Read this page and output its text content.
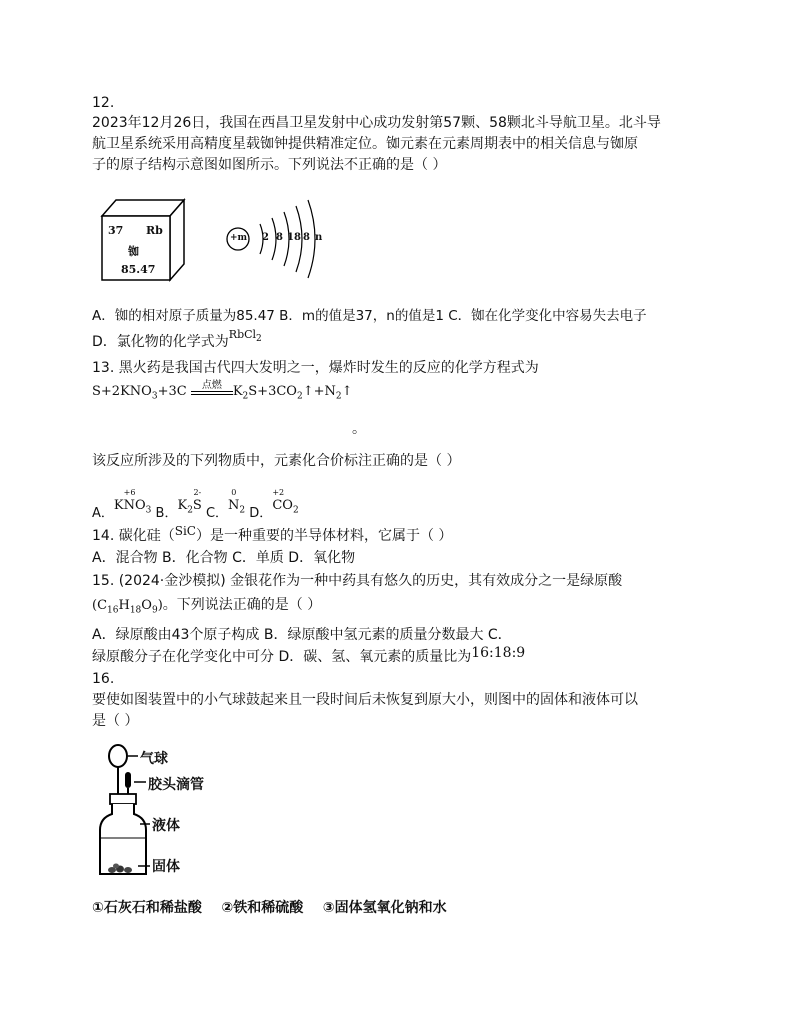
12.
2023年12月26日，我国在西昌卫星发射中心成功发射第57颗、58颗北斗导航卫星。北斗导
航卫星系统采用高精度星载铷钟提供精准定位。铷元素在元素周期表中的相关信息与铷原
子的原子结构示意图如图所示。下列说法不正确的是（ ）
37 Rb
铷
85.47
+m 2 8 18 8 n
A．铷的相对原子质量为85.47 B．m的值是37，n的值是1 C．铷在化学变化中容易失去电子
D．氯化物的化学式为$^{RbCl_2}$
13. 黑火药是我国古代四大发明之一，爆炸时发生的反应的化学方程式为
$S+2KNO_3+3C$	点燃 $K_2S+3CO_2↑+N_2↑$
。
该反应所涉及的下列物质中，元素化合价标注正确的是（ ）
A．KN
+6
$O_3$ B．$K_2S$
2-
C．N
0
$_2$ D．C
+2
$O_2$
14. 碳化硅（SiC）是一种重要的半导体材料，它属于（ ）
A．混合物 B．化合物 C．单质 D．氧化物
15. (2024·金沙模拟) 金银花作为一种中药具有悠久的历史，其有效成分之一是绿原酸
$(C_{16}H_{18}O_9)$。下列说法正确的是（ ）
A．绿原酸由43个原子构成 B．绿原酸中氢元素的质量分数最大 C．
绿原酸分子在化学变化中可分 D．碳、氢、氧元素的质量比为16:18:9
16.
要使如图装置中的小气球鼓起来且一段时间后未恢复到原大小，则图中的固体和液体可以
是（ ）
气球
胶头滴管
液体
固体
①石灰石和稀盐酸 ②铁和稀硫酸 ③固体氢氧化钠和水
